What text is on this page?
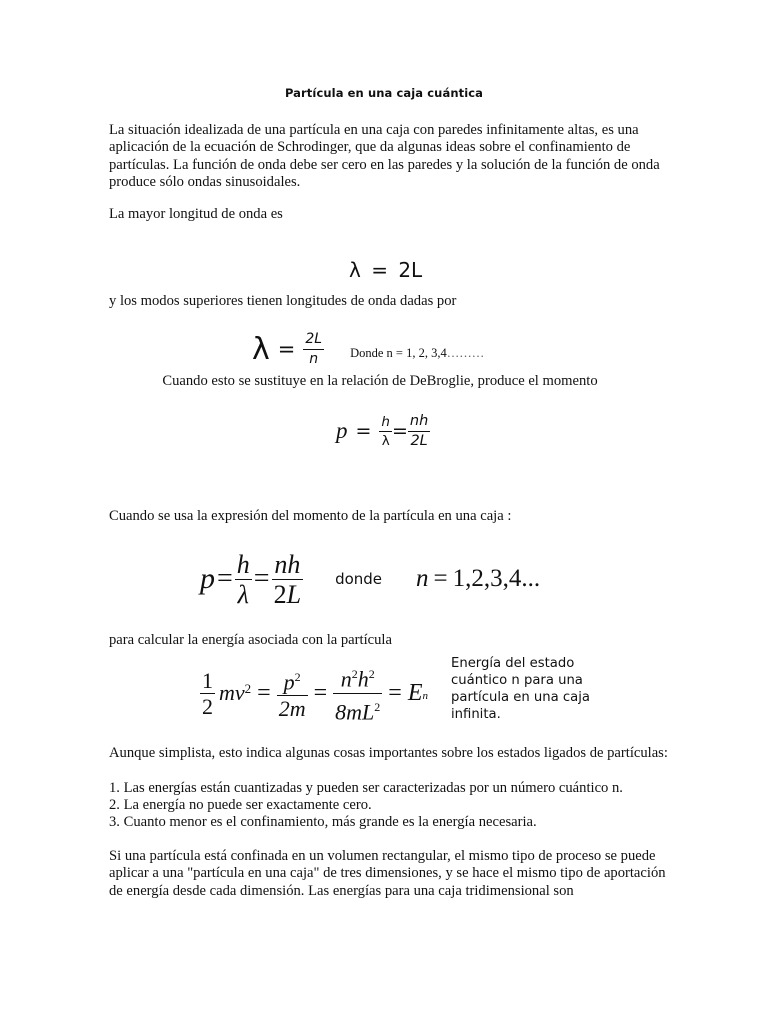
Partícula en una caja cuántica

La situación idealizada de una partícula en una caja con paredes infinitamente altas, es una aplicación de la ecuación de Schrodinger, que da algunas ideas sobre el confinamiento de partículas. La función de onda debe ser cero en las paredes y la solución de la función de onda produce sólo ondas sinusoidales.

La mayor longitud de onda es

λ = 2L

y los modos superiores tienen longitudes de onda dadas por

$\lambda = \frac{2L}{n}$ Donde n = 1, 2, 3,4………

Cuando esto se sustituye en la relación de DeBroglie, produce el momento

$p = \frac{h}{\lambda} = \frac{nh}{2L}$

Cuando se usa la expresión del momento de la partícula en una caja :

$p = \frac{h}{\lambda} = \frac{nh}{2L}$ donde n = 1,2,3,4...

para calcular la energía asociada con la partícula

$\frac{1}{2} mv^2 = \frac{p^2}{2m} = \frac{n^2h^2}{8mL^2} = E_n$
Energía del estado cuántico n para una partícula en una caja infinita.

Aunque simplista, esto indica algunas cosas importantes sobre los estados ligados de partículas:

1. Las energías están cuantizadas y pueden ser caracterizadas por un número cuántico n.

2. La energía no puede ser exactamente cero.

3. Cuanto menor es el confinamiento, más grande es la energía necesaria.

Si una partícula está confinada en un volumen rectangular, el mismo tipo de proceso se puede aplicar a una "partícula en una caja" de tres dimensiones, y se hace el mismo tipo de aportación de energía desde cada dimensión. Las energías para una caja tridimensional son
